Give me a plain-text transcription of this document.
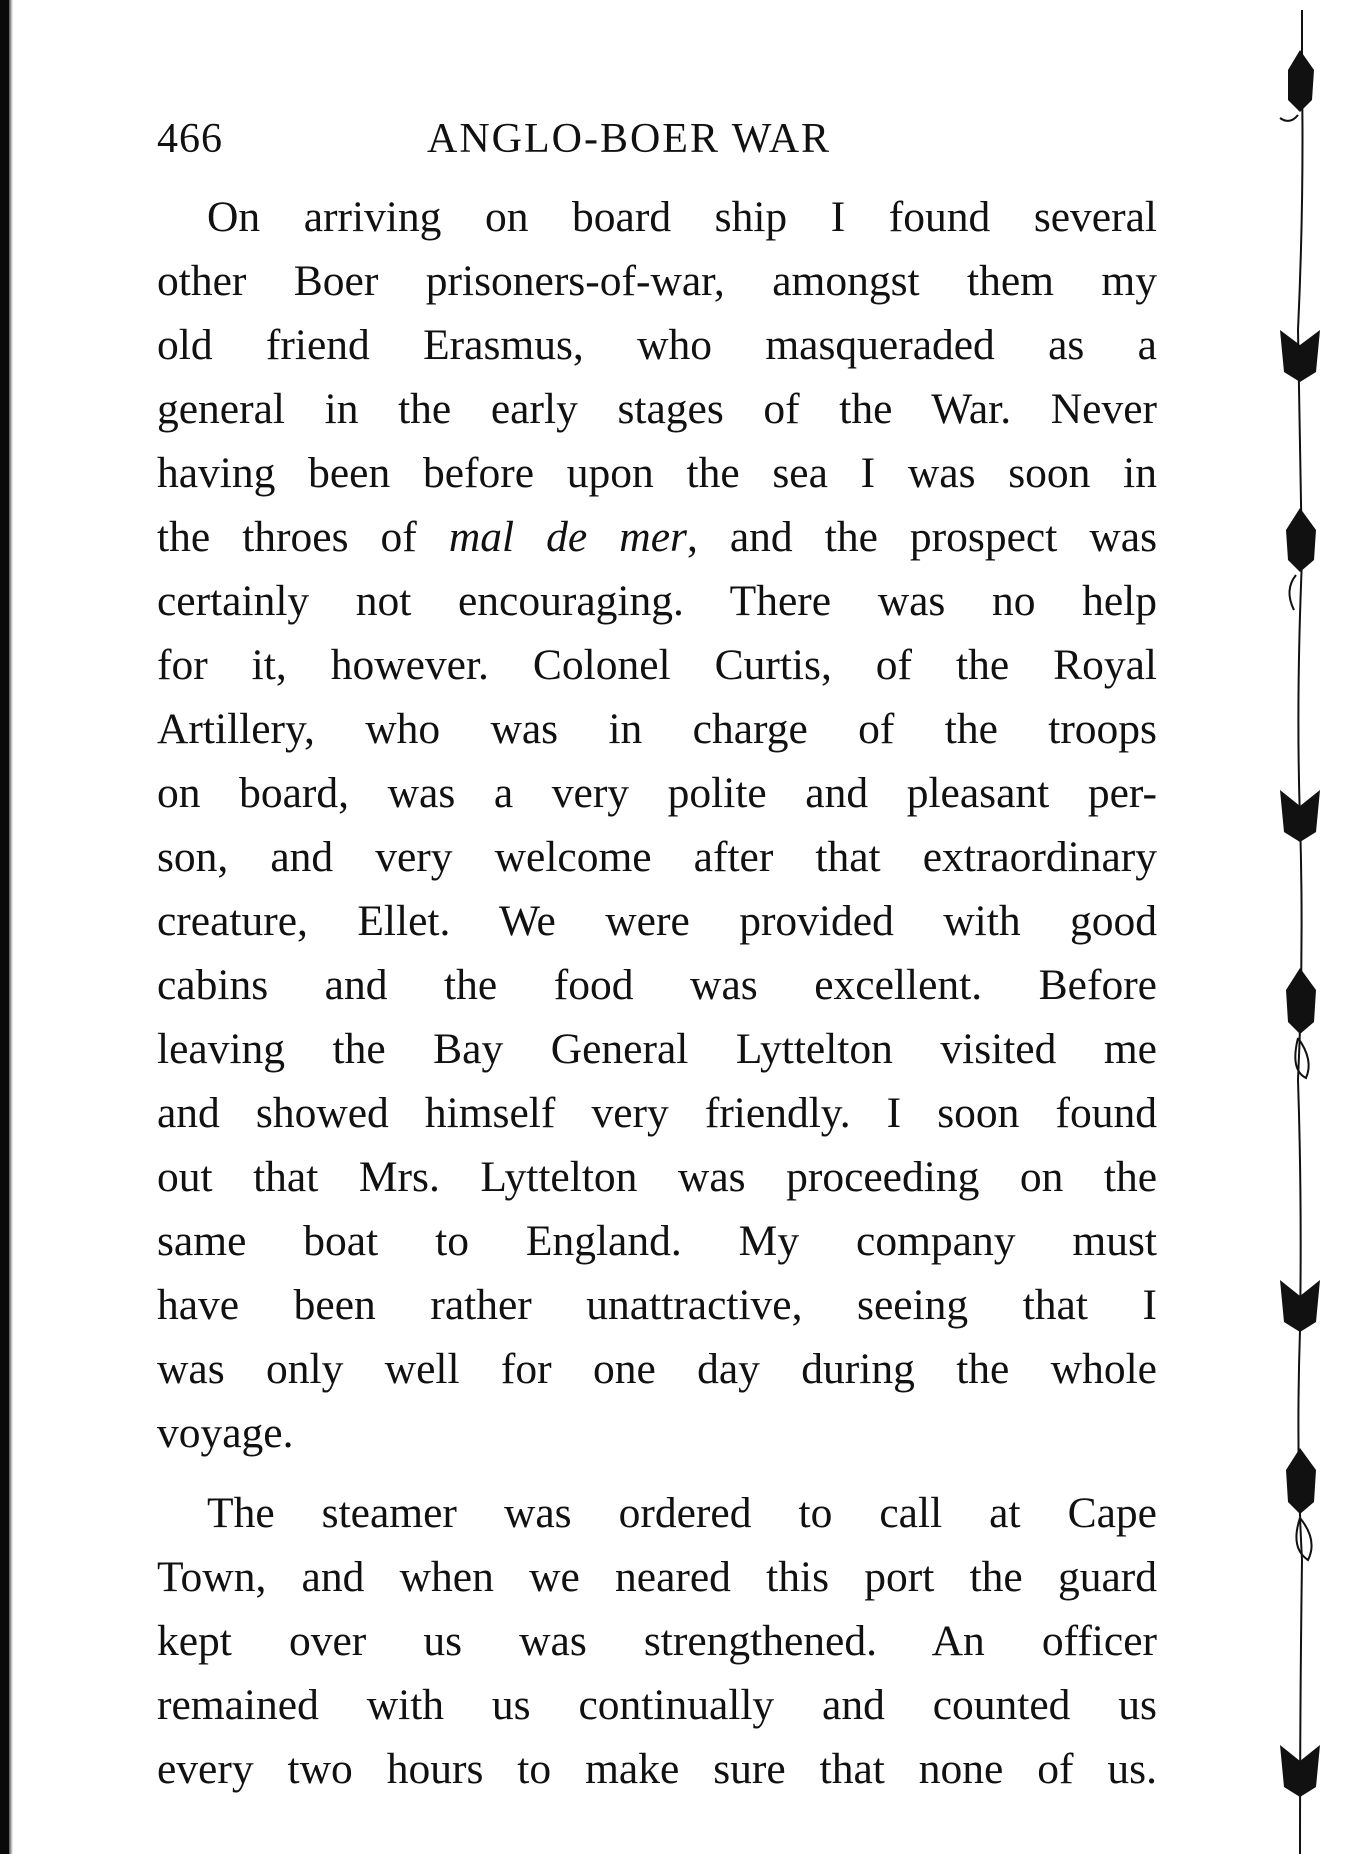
466	ANGLO-BOER WAR
On arriving on board ship I found several
other Boer prisoners-of-war, amongst them my
old friend Erasmus, who masqueraded as a
general in the early stages of the War. Never
having been before upon the sea I was soon in
the throes of mal de mer, and the prospect was
certainly not encouraging. There was no help
for it, however. Colonel Curtis, of the Royal
Artillery, who was in charge of the troops
on board, was a very polite and pleasant per-
son, and very welcome after that extraordinary
creature, Ellet. We were provided with good
cabins and the food was excellent. Before
leaving the Bay General Lyttelton visited me
and showed himself very friendly. I soon found
out that Mrs. Lyttelton was proceeding on the
same boat to England. My company must
have been rather unattractive, seeing that I
was only well for one day during the whole
voyage.
The steamer was ordered to call at Cape
Town, and when we neared this port the guard
kept over us was strengthened. An officer
remained with us continually and counted us
every two hours to make sure that none of us.
